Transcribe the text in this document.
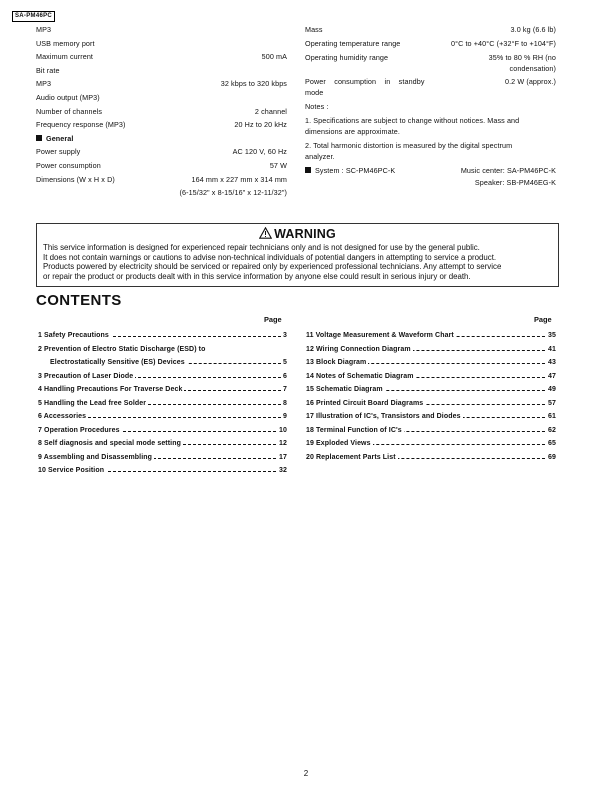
SA-PM46PC
MP3
USB memory port
Maximum current	500 mA
Bit rate
MP3	32 kbps to 320 kbps
Audio output (MP3)
Number of channels	2 channel
Frequency response (MP3)	20 Hz to 20 kHz
General
Power supply	AC 120 V, 60 Hz
Power consumption	57 W
Dimensions (W x H x D)	164 mm x 227 mm x 314 mm
(6-15/32" x 8-15/16" x 12-11/32")
Mass	3.0 kg (6.6 lb)
Operating temperature range	0°C to +40°C (+32°F to +104°F)
Operating humidity range	35% to 80 % RH (no
condensation)
Power    consumption    in    standby	0.2 W (approx.)
mode
Notes :
1. Specifications are subject to change without notices. Mass and
dimensions are approximate.
2. Total harmonic distortion is measured by the digital spectrum
analyzer.
System : SC-PM46PC-K	Music center: SA-PM46PC-K
Speaker: SB-PM46EG-K
WARNING
This service information is designed for experienced repair technicians only and is not designed for use by the general public.
It does not contain warnings or cautions to advise non-technical individuals of potential dangers in attempting to service a product.
Products powered by electricity should be serviced or repaired only by experienced professional technicians. Any attempt to service
or repair the product or products dealt with in this service information by anyone else could result in serious injury or death.
CONTENTS
Page	Page
1 Safety Precautions	3
2 Prevention of Electro Static Discharge (ESD) to
Electrostatically Sensitive (ES) Devices	5
3 Precaution of Laser Diode	6
4 Handling Precautions For Traverse Deck	7
5 Handling the Lead free Solder	8
6 Accessories	9
7 Operation Procedures	10
8 Self diagnosis and special mode setting	12
9 Assembling and Disassembling	17
10 Service Position	32
11 Voltage Measurement & Waveform Chart	35
12 Wiring Connection Diagram	41
13 Block Diagram	43
14 Notes of Schematic Diagram	47
15 Schematic Diagram	49
16 Printed Circuit Board Diagrams	57
17 Illustration of IC's, Transistors and Diodes	61
18 Terminal Function of IC's	62
19 Exploded Views	65
20 Replacement Parts List	69
2
